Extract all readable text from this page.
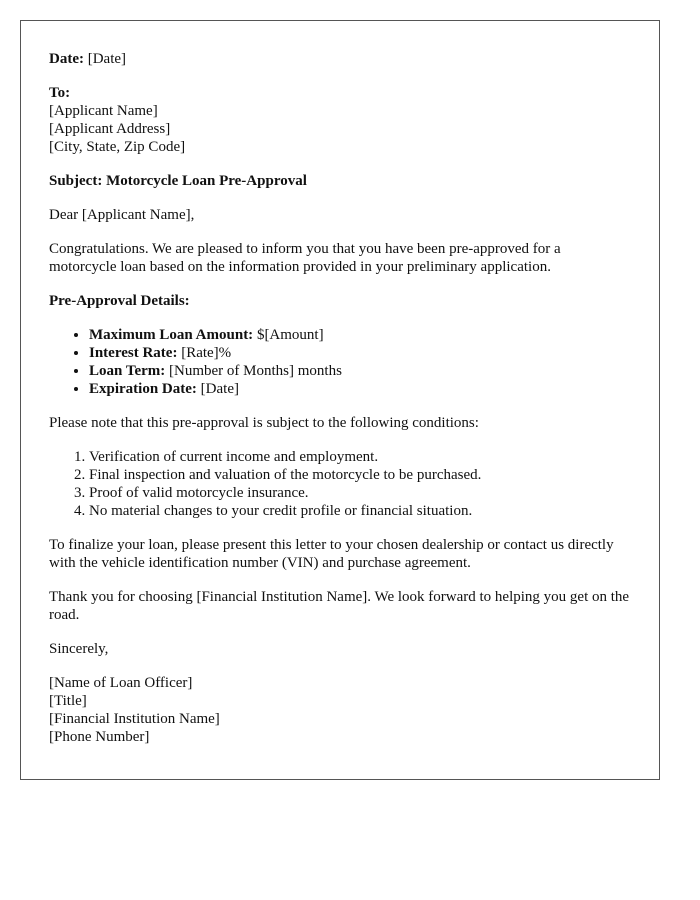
Date: [Date]

To:
[Applicant Name]
[Applicant Address]
[City, State, Zip Code]

Subject: Motorcycle Loan Pre-Approval

Dear [Applicant Name],

Congratulations. We are pleased to inform you that you have been pre-approved for a motorcycle loan based on the information provided in your preliminary application.

Pre-Approval Details:

• Maximum Loan Amount: $[Amount]
• Interest Rate: [Rate]%
• Loan Term: [Number of Months] months
• Expiration Date: [Date]

Please note that this pre-approval is subject to the following conditions:

1. Verification of current income and employment.
2. Final inspection and valuation of the motorcycle to be purchased.
3. Proof of valid motorcycle insurance.
4. No material changes to your credit profile or financial situation.

To finalize your loan, please present this letter to your chosen dealership or contact us directly with the vehicle identification number (VIN) and purchase agreement.

Thank you for choosing [Financial Institution Name]. We look forward to helping you get on the road.

Sincerely,

[Name of Loan Officer]
[Title]
[Financial Institution Name]
[Phone Number]
